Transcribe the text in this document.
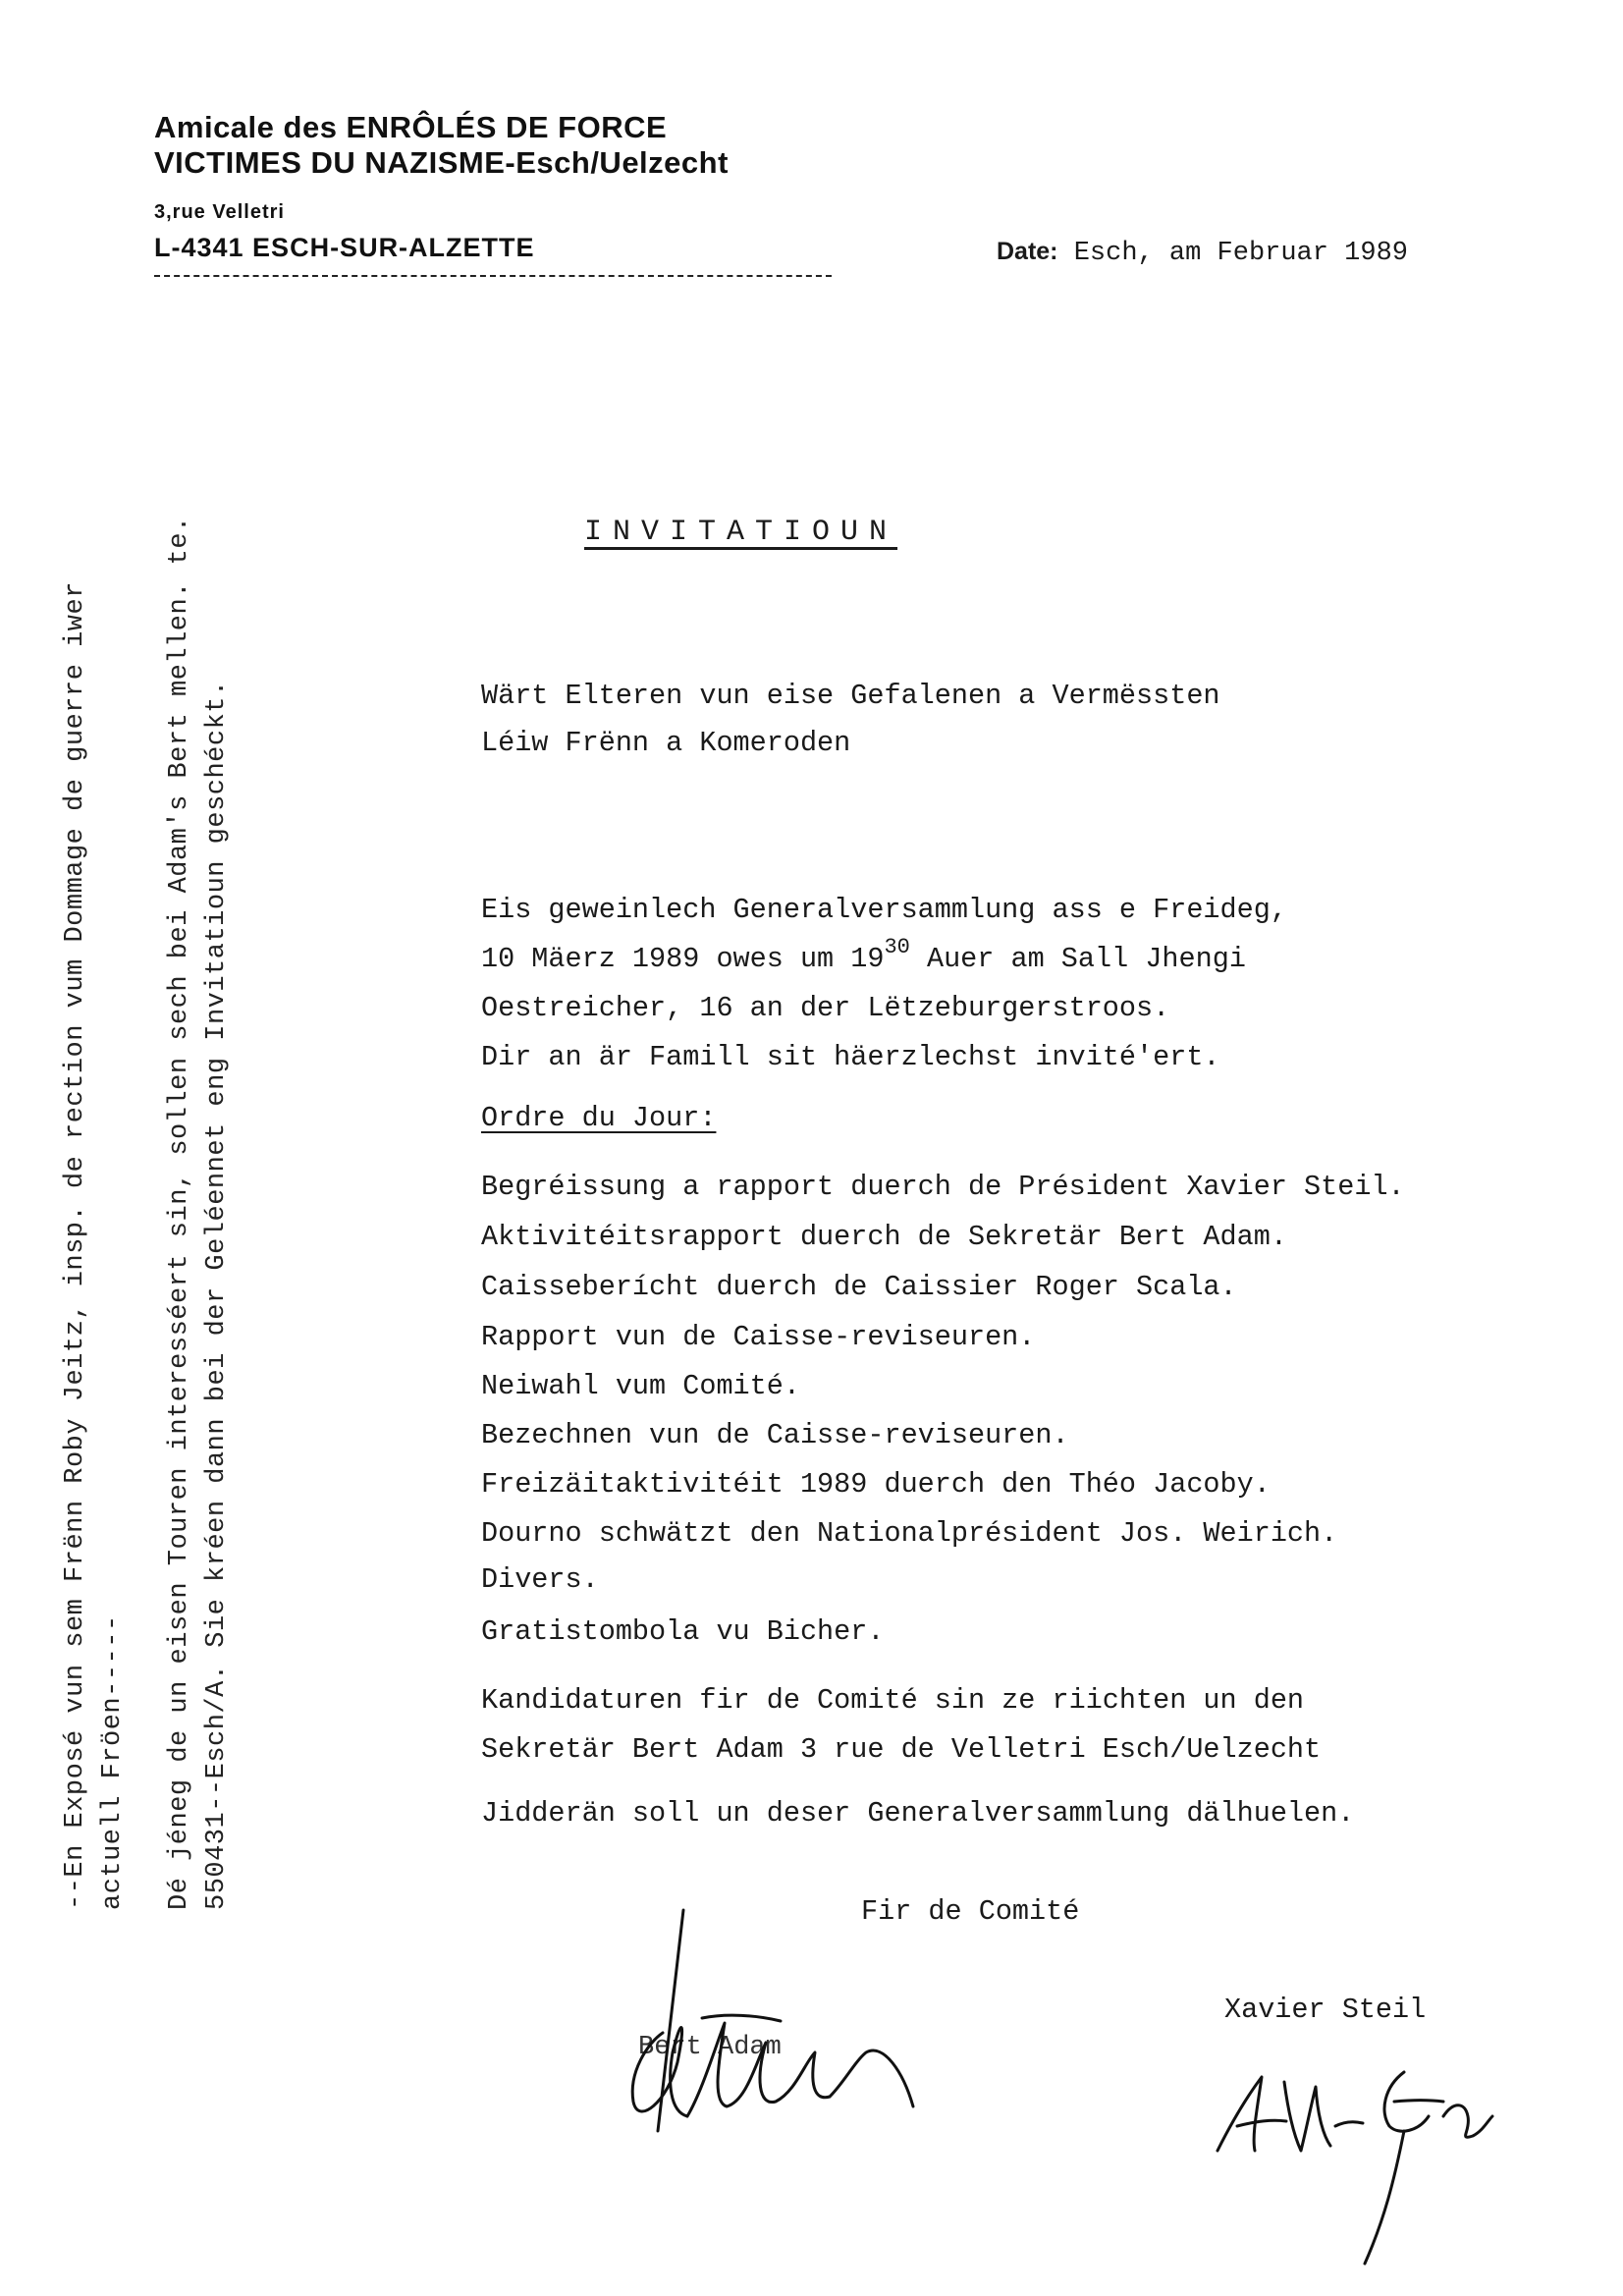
Amicale des ENRÔLÉS DE FORCE
VICTIMES DU NAZISME-Esch/Uelzecht
3,rue Velletri
L-4341 ESCH-SUR-ALZETTE	Date: Esch, am Februar 1989
--En Exposé vun sem Frënn Roby Jeitz, insp. de rection vum Dommage de guerre iwer actuell Fröen----- Dé jéneg de un eisen Touren interesséert sin, sollen sech bei Adam's Bert mellen. te. 550431--Esch/A. Sie kréen dann bei der Geléennet eng Invitatioun geschéckt.
INVITATIOUN
Wärt Elteren vun eise Gefalenen a Vermëssten
Léiw Frënn a Komeroden
Eis geweinlech Generalversammlung ass e Freideg,
10 Mäerz 1989 owes um $19^{30}$ Auer am Sall Jhengi
Oestreicher, 16 an der Lëtzeburgerstroos.
Dir an är Famill sit häerzlechst invité'ert.
Ordre du Jour:
Begréissung a rapport duerch de Président Xavier Steil.
Aktivitéitsrapport duerch de Sekretär Bert Adam.
Caisseberícht duerch de Caissier Roger Scala.
Rapport vun de Caisse-reviseuren.
Neiwahl vum Comité.
Bezechnen vun de Caisse-reviseuren.
Freizäitaktivitéit 1989 duerch den Théo Jacoby.
Dourno schwätzt den Nationalprésident Jos. Weirich.
Divers.
Gratistombola vu Bicher.
Kandidaturen fir de Comité sin ze riichten un den
Sekretär Bert Adam 3 rue de Velletri Esch/Uelzecht
Jidderän soll un deser Generalversammlung dälhuelen.
Fir de Comité
Bert Adam
Xavier Steil
